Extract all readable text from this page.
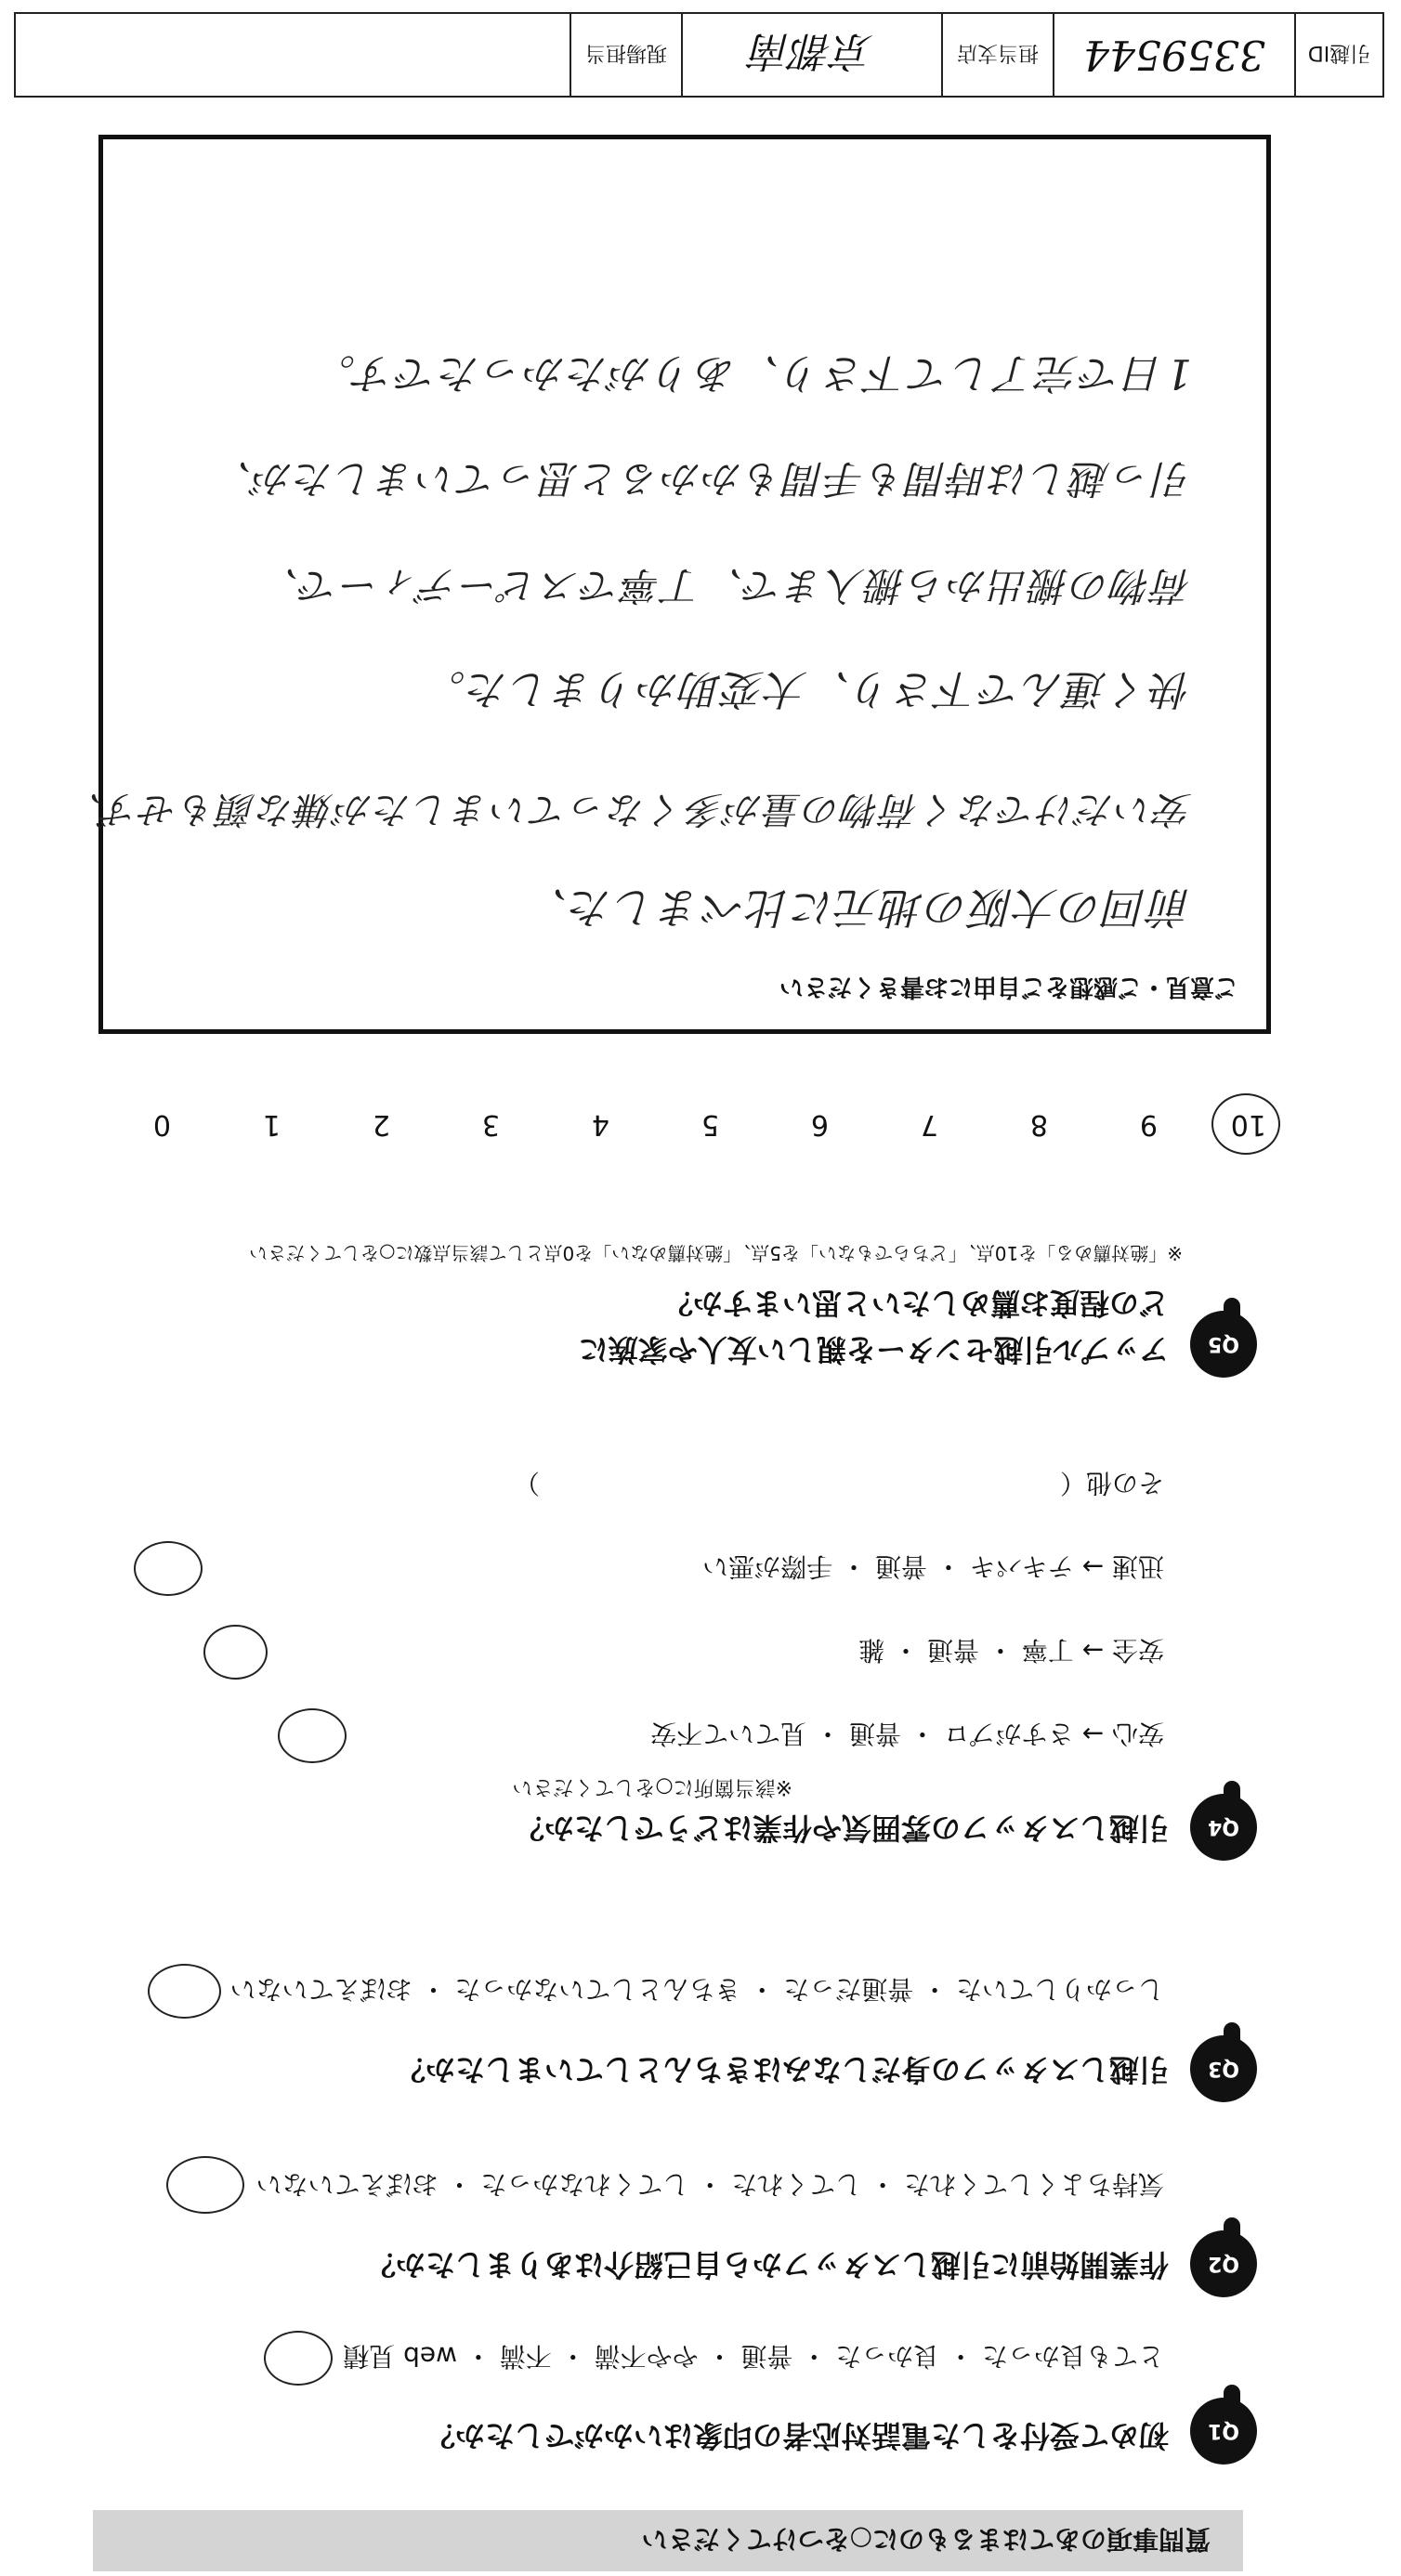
質問事項のあてはまるものに○をつけてください
Q1
初めて受付をした電話対応者の印象はいかがでしたか？
とても良かった ・ 良かった ・ 普通 ・ やや不満 ・ 不満 ・ web 見積
Q2
作業開始前に引越しスタッフから自己紹介はありましたか？
気持ちよくしてくれた ・ してくれた ・ してくれなかった ・ おぼえていない
Q3
引越しスタッフの身だしなみはきちんとしていましたか？
しっかりしていた ・ 普通だった ・ きちんとしていなかった ・ おぼえていない
Q4
引越しスタッフの雰囲気や作業はどうでしたか？
※該当箇所に○をしてください
安心 → さすがプロ ・ 普通 ・ 見ていて不安
安全 → 丁寧 ・ 普通 ・ 雑
迅速 → テキパキ ・ 普通 ・ 手際が悪い
その他（　　　　　　　　　　　　　　　　　　　　）
Q5
アップル引越センターを親しい友人や家族に
どの程度お薦めしたいと思いますか？
※「絶対薦める」を10点、「どちらでもない」を5点、「絶対薦めない」を0点として該当点数に○をしてください
10
9
8
7
6
5
4
3
2
1
0
ご意見・ご感想をご自由にお書きください
前回の大阪の地元に比べました、
安いだけでなく荷物の量が多くなっていましたが嫌な顔もせず、
快く運んで下さり、大変助かりました。
荷物の搬出から搬入まで、丁寧でスピーディーで、
引っ越しは時間も手間もかかると思っていましたが、
1日で完了して下さり、ありがたかったです。
引越ID
3359544
担当支店
京都南
現場担当
